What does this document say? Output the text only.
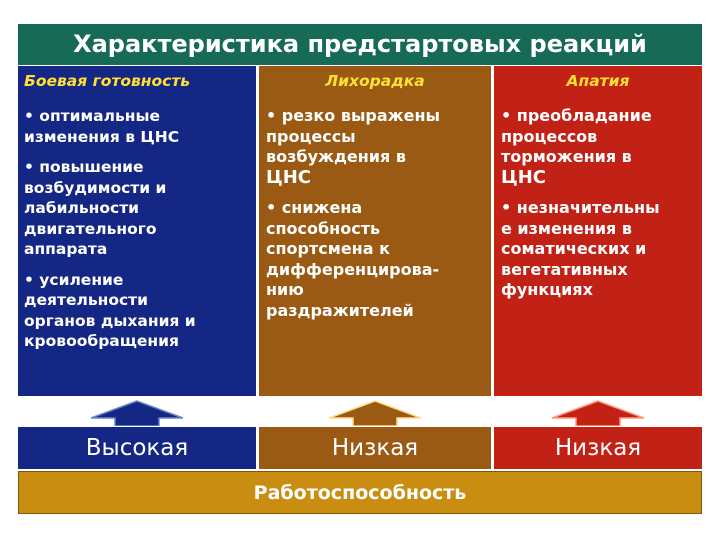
Характеристика предстартовых реакций
Боевая готовность
• оптимальные
изменения в ЦНС
• повышение
возбудимости и
лабильности
двигательного
аппарата
• усиление
деятельности
органов дыхания и
кровообращения
Лихорадка
• резко выражены
процессы
возбуждения в
ЦНС
• снижена
способность
спортсмена к
дифференцирова-
нию
раздражителей
Апатия
• преобладание
процессов
торможения в
ЦНС
• незначительны
е изменения в
соматических и
вегетативных
функциях
Высокая	Низкая	Низкая
Работоспособность
